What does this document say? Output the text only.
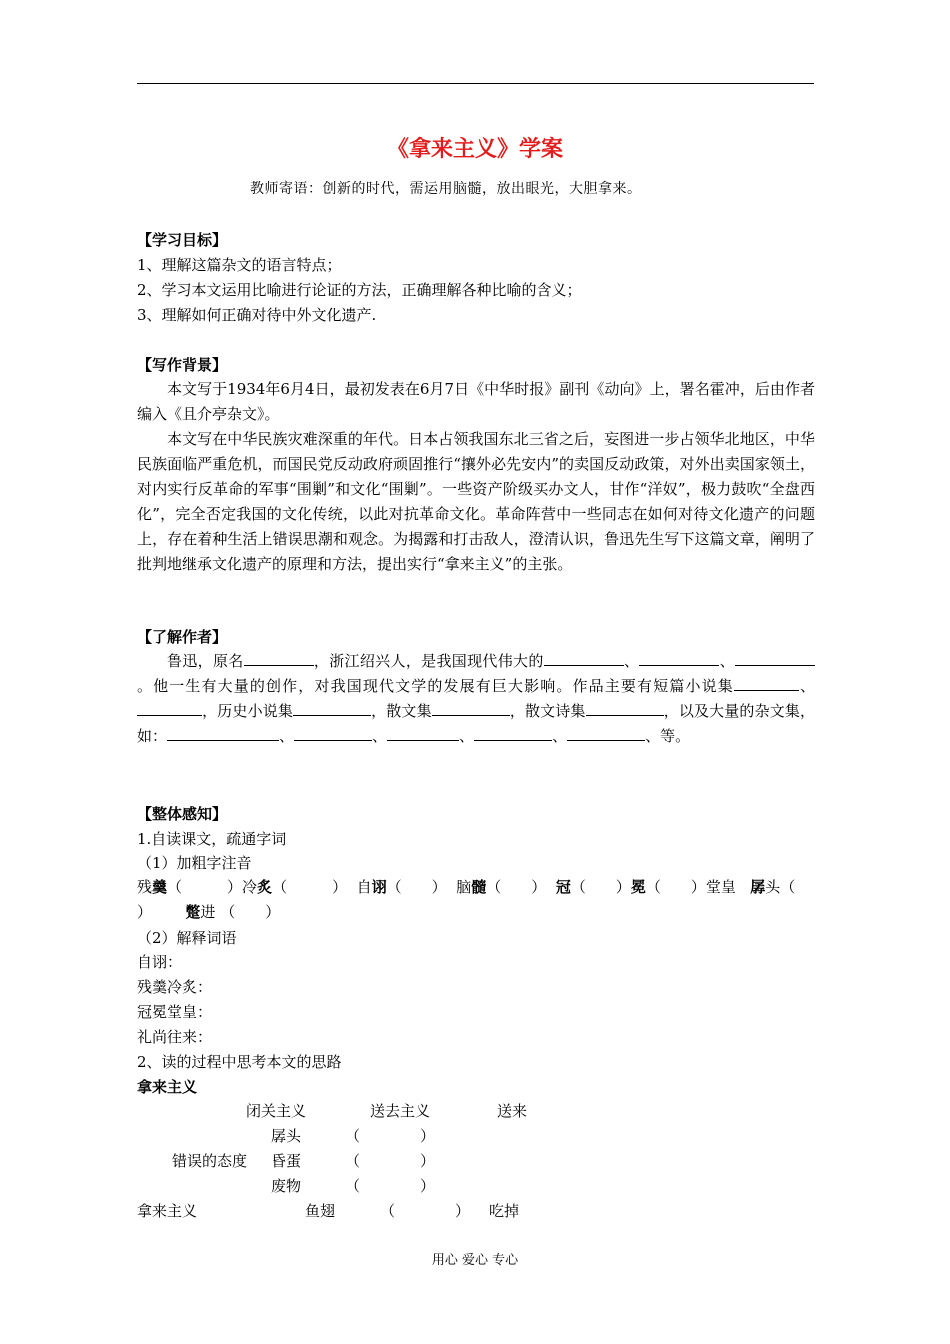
《拿来主义》学案
教师寄语：创新的时代，需运用脑髓，放出眼光，大胆拿来。
【学习目标】
1、理解这篇杂文的语言特点；
2、学习本文运用比喻进行论证的方法，正确理解各种比喻的含义；
3、理解如何正确对待中外文化遗产.
【写作背景】

本文写于1934年6月4日，最初发表在6月7日《中华时报》副刊《动向》上，署名霍冲，后由作者编入《且介亭杂文》。

本文写在中华民族灾难深重的年代。日本占领我国东北三省之后，妄图进一步占领华北地区，中华民族面临严重危机，而国民党反动政府顽固推行“攘外必先安内”的卖国反动政策，对外出卖国家领土，对内实行反革命的军事“围剿”和文化“围剿”。一些资产阶级买办文人，甘作“洋奴”，极力鼓吹“全盘西化”，完全否定我国的文化传统，以此对抗革命文化。革命阵营中一些同志在如何对待文化遗产的问题上，存在着种生活上错误思潮和观念。为揭露和打击敌人，澄清认识，鲁迅先生写下这篇文章，阐明了批判地继承文化遗产的原理和方法，提出实行“拿来主义”的主张。

【了解作者】

鲁迅，原名	，浙江绍兴人，是我国现代伟大的	、	、。他一生有大量的创作，对我国现代文学的发展有巨大影响。作品主要有短篇小说集	、，历史小说集	，散文集	，散文诗集	，以及大量的杂文集，如：	、	、	、	、	、等。

【整体感知】
1.自读课文，疏通字词
（1）加粗字注音
残羹（　　　）冷炙（　　　） 自诩（　　） 脑髓（　　） 冠（　　）冕（　　）堂皇 孱头（
） 蹩进 （　　）
（2）解释词语
自诩：
残羹冷炙：
冠冕堂皇：
礼尚往来：
2、读的过程中思考本文的思路
拿来主义
闭关主义	送去主义	送来
孱头	（　　　　）
错误的态度 昏蛋	（　　　　）
废物	（　　　　）
拿来主义	鱼翅	（　　　　） 吃掉
用心 爱心 专心
